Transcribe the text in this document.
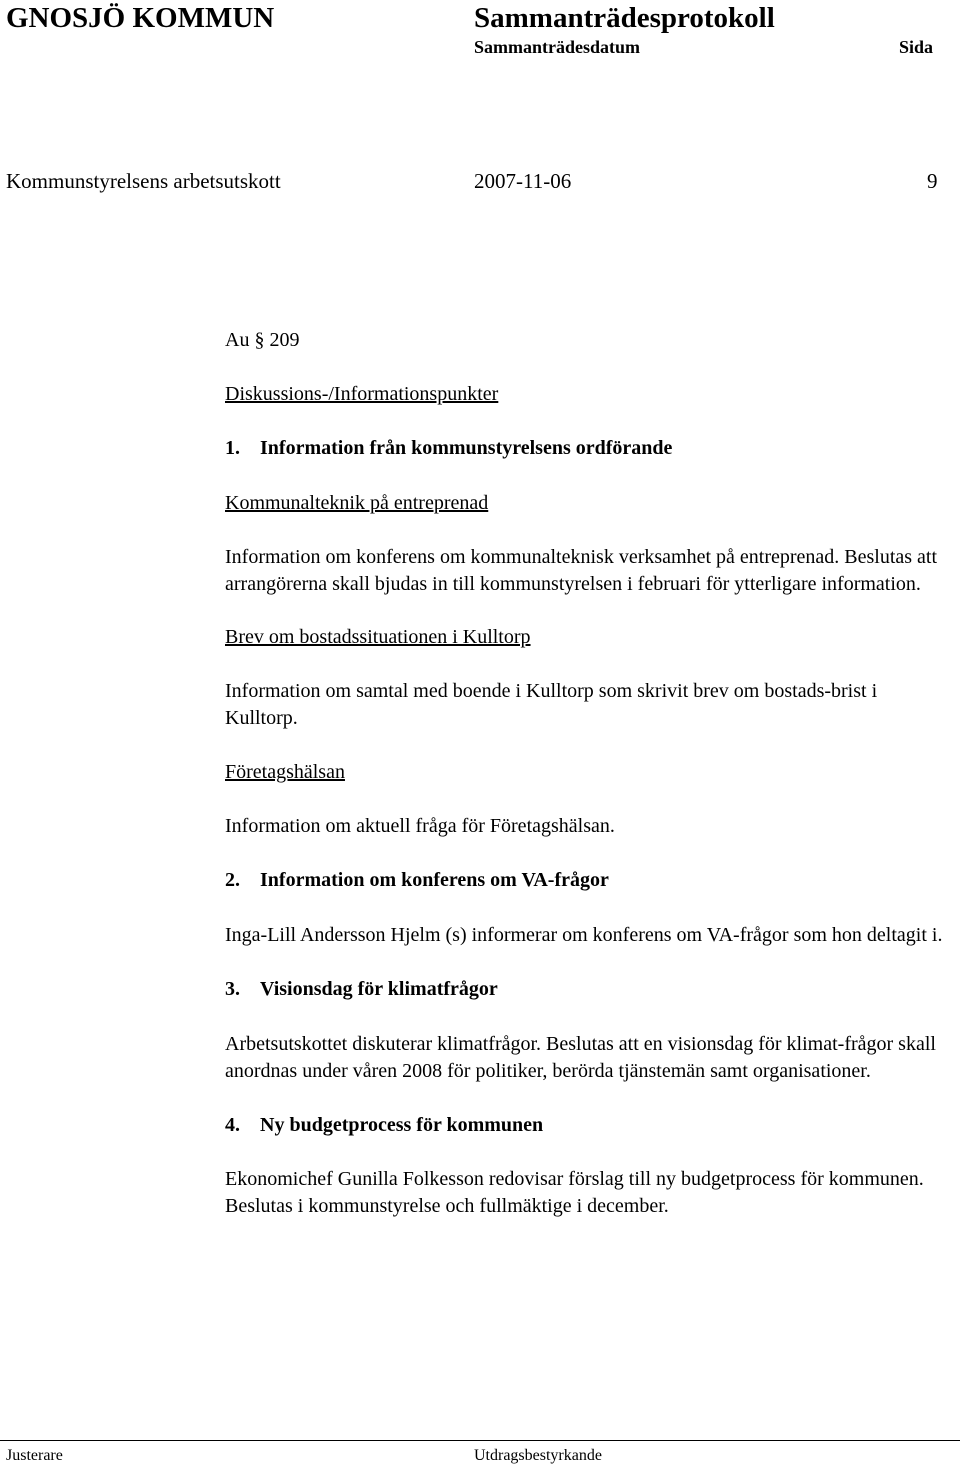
GNOSJÖ KOMMUN	Sammanträdesprotokoll
Sammanträdesdatum	Sida
Kommunstyrelsens arbetsutskott	2007-11-06	9

Au § 209

Diskussions-/Informationspunkter

1.	Information från kommunstyrelsens ordförande

Kommunalteknik på entreprenad

Information om konferens om kommunalteknisk verksamhet på entreprenad. Beslutas att arrangörerna skall bjudas in till kommunstyrelsen i februari för ytterligare information.

Brev om bostadssituationen i Kulltorp

Information om samtal med boende i Kulltorp som skrivit brev om bostads-brist i Kulltorp.

Företagshälsan

Information om aktuell fråga för Företagshälsan.

2.	Information om konferens om VA-frågor

Inga-Lill Andersson Hjelm (s) informerar om konferens om VA-frågor som hon deltagit i.

3.	Visionsdag för klimatfrågor

Arbetsutskottet diskuterar klimatfrågor. Beslutas att en visionsdag för klimat-frågor skall anordnas under våren 2008 för politiker, berörda tjänstemän samt organisationer.

4.	Ny budgetprocess för kommunen

Ekonomichef Gunilla Folkesson redovisar förslag till ny budgetprocess för kommunen. Beslutas i kommunstyrelse och fullmäktige i december.

Justerare	Utdragsbestyrkande
